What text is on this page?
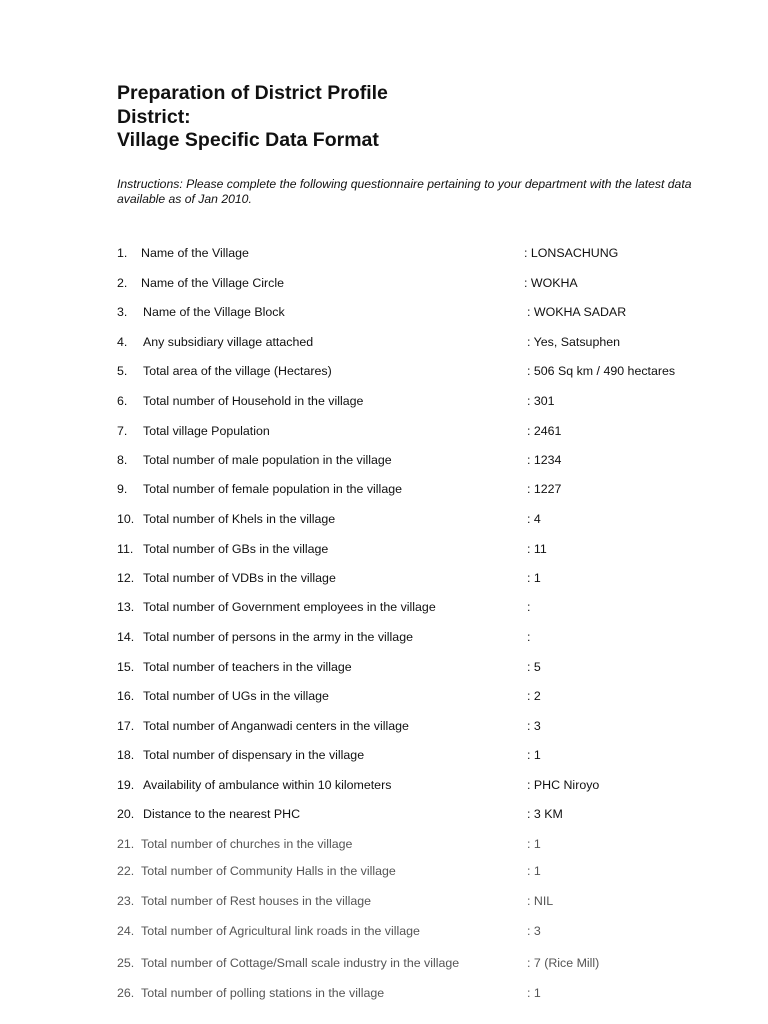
Preparation of District Profile
District:
Village Specific Data Format
Instructions: Please complete the following questionnaire pertaining to your department with the latest data available as of Jan 2010.
1. Name of the Village	: LONSACHUNG
2. Name of the Village Circle	: WOKHA
3. Name of the Village Block	: WOKHA SADAR
4. Any subsidiary village attached	: Yes, Satsuphen
5. Total area of the village (Hectares)	: 506 Sq km / 490 hectares
6. Total number of Household in the village	: 301
7. Total village Population	: 2461
8. Total number of male population in the village	: 1234
9. Total number of female population in the village	: 1227
10. Total number of Khels in the village	: 4
11. Total number of GBs in the village	: 11
12. Total number of VDBs in the village	: 1
13. Total number of Government employees in the village	:
14. Total number of persons in the army in the village	:
15. Total number of teachers in the village	: 5
16. Total number of UGs in the village	: 2
17. Total number of Anganwadi centers in the village	: 3
18. Total number of dispensary in the village	: 1
19. Availability of ambulance within 10 kilometers	: PHC Niroyo
20. Distance to the nearest PHC	: 3 KM
21. Total number of churches in the village	: 1
22. Total number of Community Halls in the village	: 1
23. Total number of Rest houses in the village	: NIL
24. Total number of Agricultural link roads in the village	: 3
25. Total number of Cottage/Small scale industry in the village	: 7 (Rice Mill)
26. Total number of polling stations in the village	: 1
